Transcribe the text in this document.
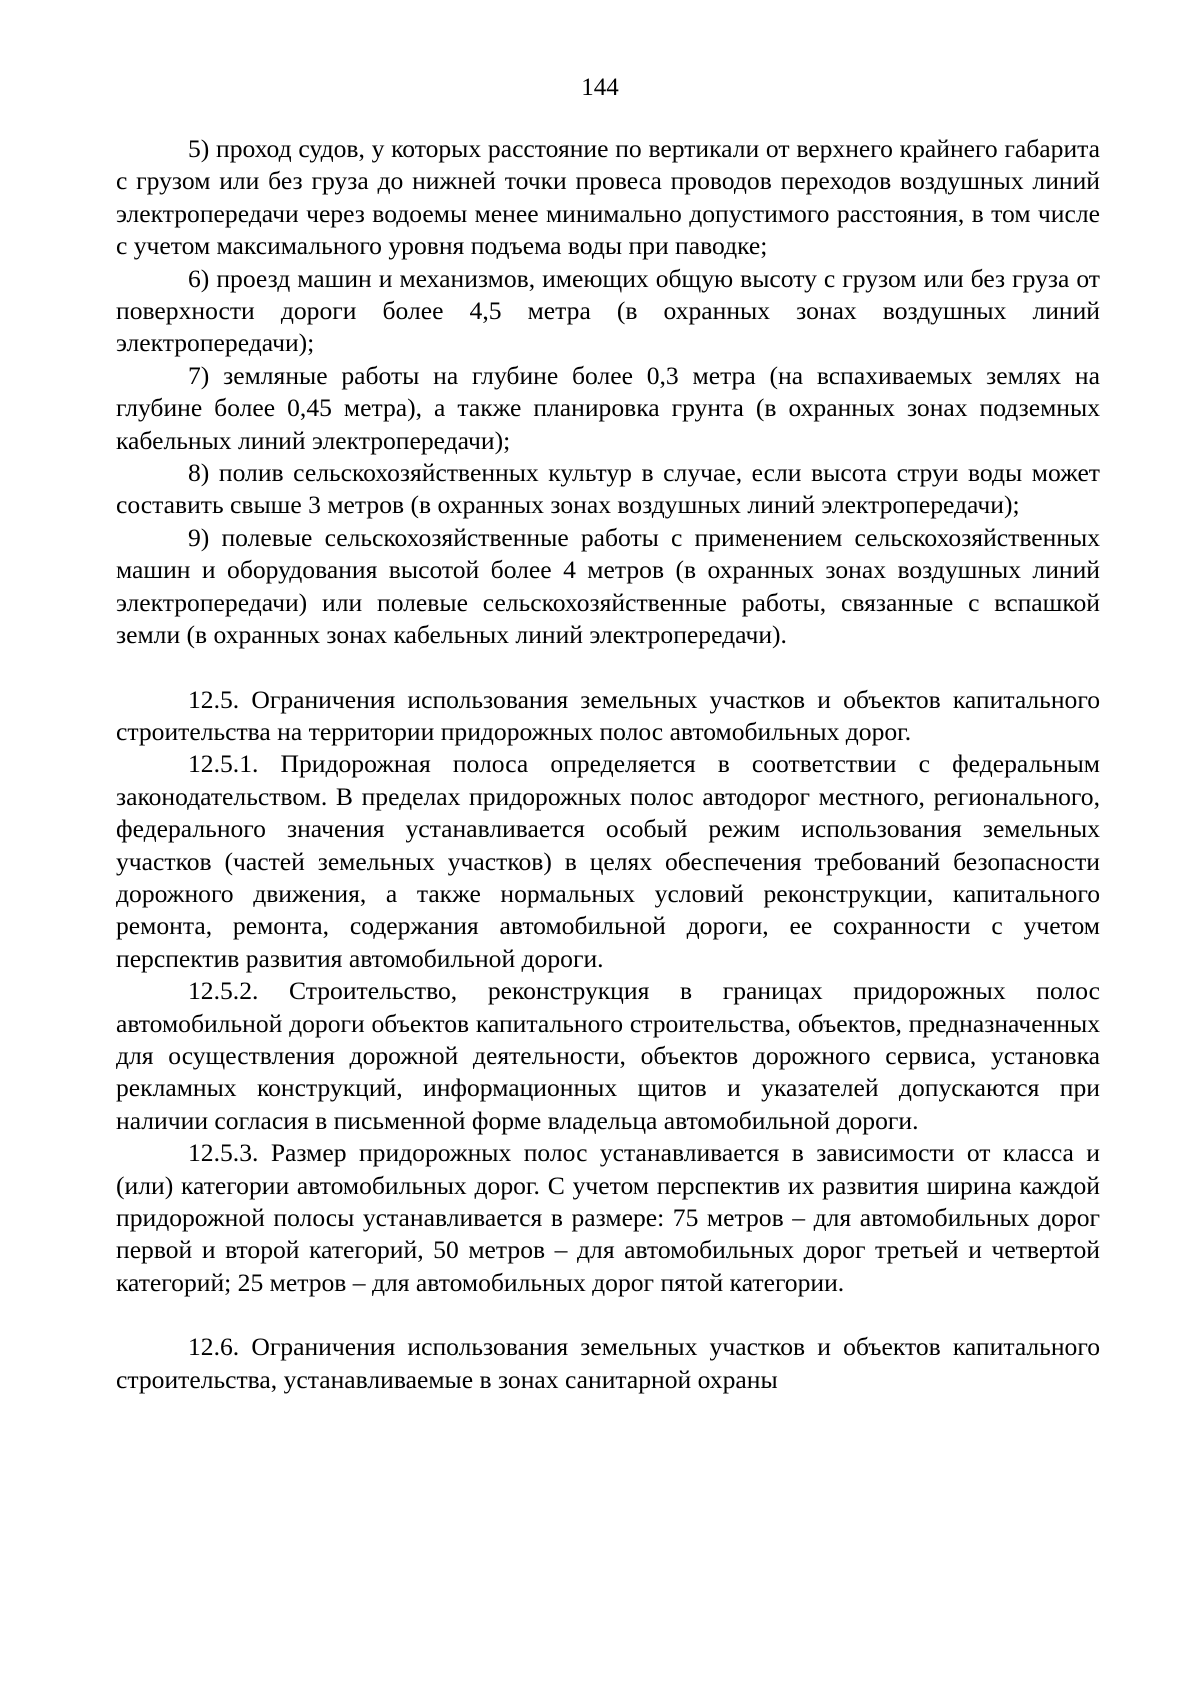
144

5) проход судов, у которых расстояние по вертикали от верхнего крайнего габарита с грузом или без груза до нижней точки провеса проводов переходов воздушных линий электропередачи через водоемы менее минимально допустимого расстояния, в том числе с учетом максимального уровня подъема воды при паводке;

6) проезд машин и механизмов, имеющих общую высоту с грузом или без груза от поверхности дороги более 4,5 метра (в охранных зонах воздушных линий электропередачи);

7) земляные работы на глубине более 0,3 метра (на вспахиваемых землях на глубине более 0,45 метра), а также планировка грунта (в охранных зонах подземных кабельных линий электропередачи);

8) полив сельскохозяйственных культур в случае, если высота струи воды может составить свыше 3 метров (в охранных зонах воздушных линий электропередачи);

9) полевые сельскохозяйственные работы с применением сельскохозяйственных машин и оборудования высотой более 4 метров (в охранных зонах воздушных линий электропередачи) или полевые сельскохозяйственные работы, связанные с вспашкой земли (в охранных зонах кабельных линий электропередачи).

12.5. Ограничения использования земельных участков и объектов капитального строительства на территории придорожных полос автомобильных дорог.

12.5.1. Придорожная полоса определяется в соответствии с федеральным законодательством. В пределах придорожных полос автодорог местного, регионального, федерального значения устанавливается особый режим использования земельных участков (частей земельных участков) в целях обеспечения требований безопасности дорожного движения, а также нормальных условий реконструкции, капитального ремонта, ремонта, содержания автомобильной дороги, ее сохранности с учетом перспектив развития автомобильной дороги.

12.5.2. Строительство, реконструкция в границах придорожных полос автомобильной дороги объектов капитального строительства, объектов, предназначенных для осуществления дорожной деятельности, объектов дорожного сервиса, установка рекламных конструкций, информационных щитов и указателей допускаются при наличии согласия в письменной форме владельца автомобильной дороги.

12.5.3. Размер придорожных полос устанавливается в зависимости от класса и (или) категории автомобильных дорог. С учетом перспектив их развития ширина каждой придорожной полосы устанавливается в размере: 75 метров – для автомобильных дорог первой и второй категорий, 50 метров – для автомобильных дорог третьей и четвертой категорий; 25 метров – для автомобильных дорог пятой категории.

12.6. Ограничения использования земельных участков и объектов капитального строительства, устанавливаемые в зонах санитарной охраны
